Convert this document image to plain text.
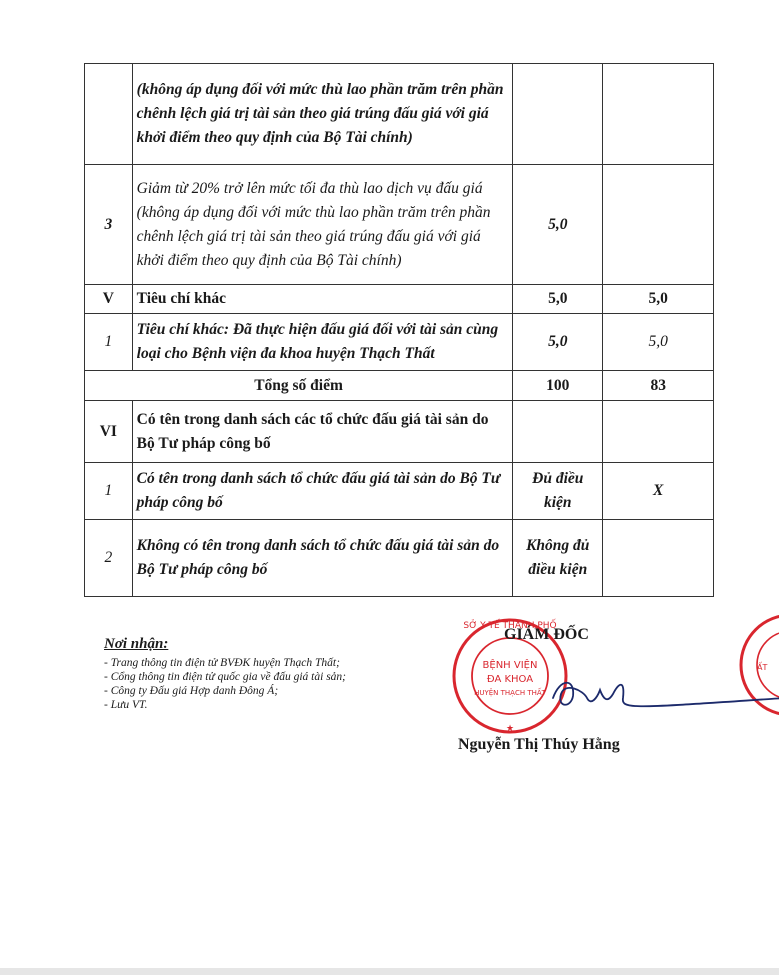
	(không áp dụng đối với mức thù lao phần trăm trên phần chênh lệch giá trị tài sản theo giá trúng đấu giá với giá khởi điểm theo quy định của Bộ Tài chính)		
3	Giảm từ 20% trở lên mức tối đa thù lao dịch vụ đấu giá (không áp dụng đối với mức thù lao phần trăm trên phần chênh lệch giá trị tài sản theo giá trúng đấu giá với giá khởi điểm theo quy định của Bộ Tài chính)	5,0	
V	Tiêu chí khác	5,0	5,0
1	Tiêu chí khác: Đã thực hiện đấu giá đối với tài sản cùng loại cho Bệnh viện đa khoa huyện Thạch Thất	5,0	5,0
Tổng số điểm		100	83
VI	Có tên trong danh sách các tổ chức đấu giá tài sản do Bộ Tư pháp công bố		
1	Có tên trong danh sách tổ chức đấu giá tài sản do Bộ Tư pháp công bố	Đủ điều kiện	X
2	Không có tên trong danh sách tổ chức đấu giá tài sản do Bộ Tư pháp công bố	Không đủ điều kiện	
Nơi nhận:
- Trang thông tin điện tử BVĐK huyện Thạch Thất;
- Cổng thông tin điện tử quốc gia về đấu giá tài sản;
- Công ty Đấu giá Hợp danh Đông Á;
- Lưu VT.
SỞ Y TẾ THÀNH PHỐ
★
BỆNH VIỆN
ĐA KHOA
HUYỆN THẠCH THẤT
ẤT
GIÁM ĐỐC
Nguyễn Thị Thúy Hằng
